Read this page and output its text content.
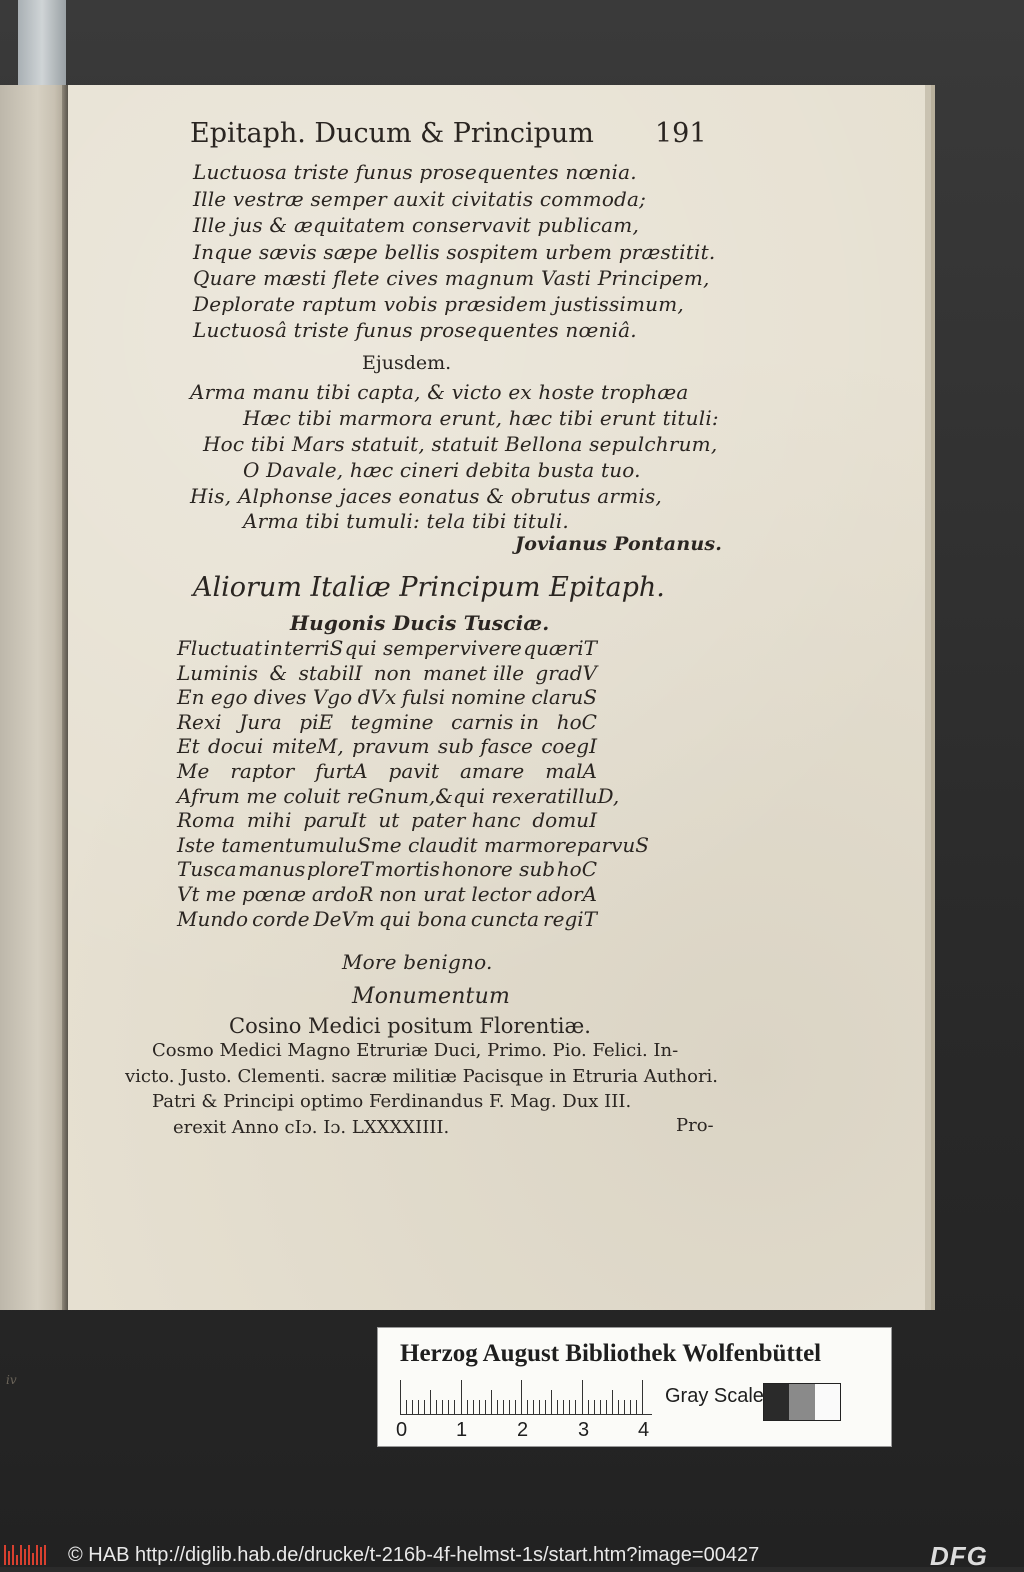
iv
Epitaph. Ducum & Principum 191
Luctuosa triste funus prosequentes nœnia.
Ille vestræ semper auxit civitatis commoda;
Ille jus & æquitatem conservavit publicam,
Inque sævis sæpe bellis sospitem urbem præstitit.
Quare mæsti flete cives magnum Vasti Principem,
Deplorate raptum vobis præsidem justissimum,
Luctuosâ triste funus prosequentes nœniâ.
Ejusdem.
Arma manu tibi capta, & victo ex hoste trophæa
Hæc tibi marmora erunt, hæc tibi erunt tituli:
Hoc tibi Mars statuit, statuit Bellona sepulchrum,
O Davale, hæc cineri debita busta tuo.
His, Alphonse jaces eonatus & obrutus armis,
Arma tibi tumuli: tela tibi tituli.
Jovianus Pontanus.
Aliorum Italiæ Principum Epitaph.
Hugonis Ducis Tusciæ.
More benigno.
Monumentum
Cosino Medici positum Florentiæ.
Cosmo Medici Magno Etruriæ Duci, Primo. Pio. Felici. In-
victo. Justo. Clementi. sacræ militiæ Pacisque in Etruria Authori.
Patri & Principi optimo Ferdinandus F. Mag. Dux III.
erexit Anno cIɔ. Iɔ. LXXXXIIII.	Pro-
Herzog August Bibliothek Wolfenbüttel
0 1 2 3 4
Gray Scale
© HAB http://diglib.hab.de/drucke/t-216b-4f-helmst-1s/start.htm?image=00427	DFG
Fluctuat in terriS qui semper vivere quæriT
Luminis & stabilI non manet ille gradV
En ego dives Vgo dVx fulsi nomine claruS
Rexi Jura piE tegmine carnis in hoC
Et docui miteM, pravum sub fasce coegI
Me raptor furtA pavit amare malA
Afrum me coluit reGnum, & qui rexerat illuD,
Roma mihi paruIt ut pater hanc domuI
Iste tamen tumuluS me claudit marmore parvuS
Tusca manus ploreT mortis honore sub hoC
Vt me pœnæ ardoR non urat lector adorA
Mundo corde DeVm qui bona cuncta regiT
